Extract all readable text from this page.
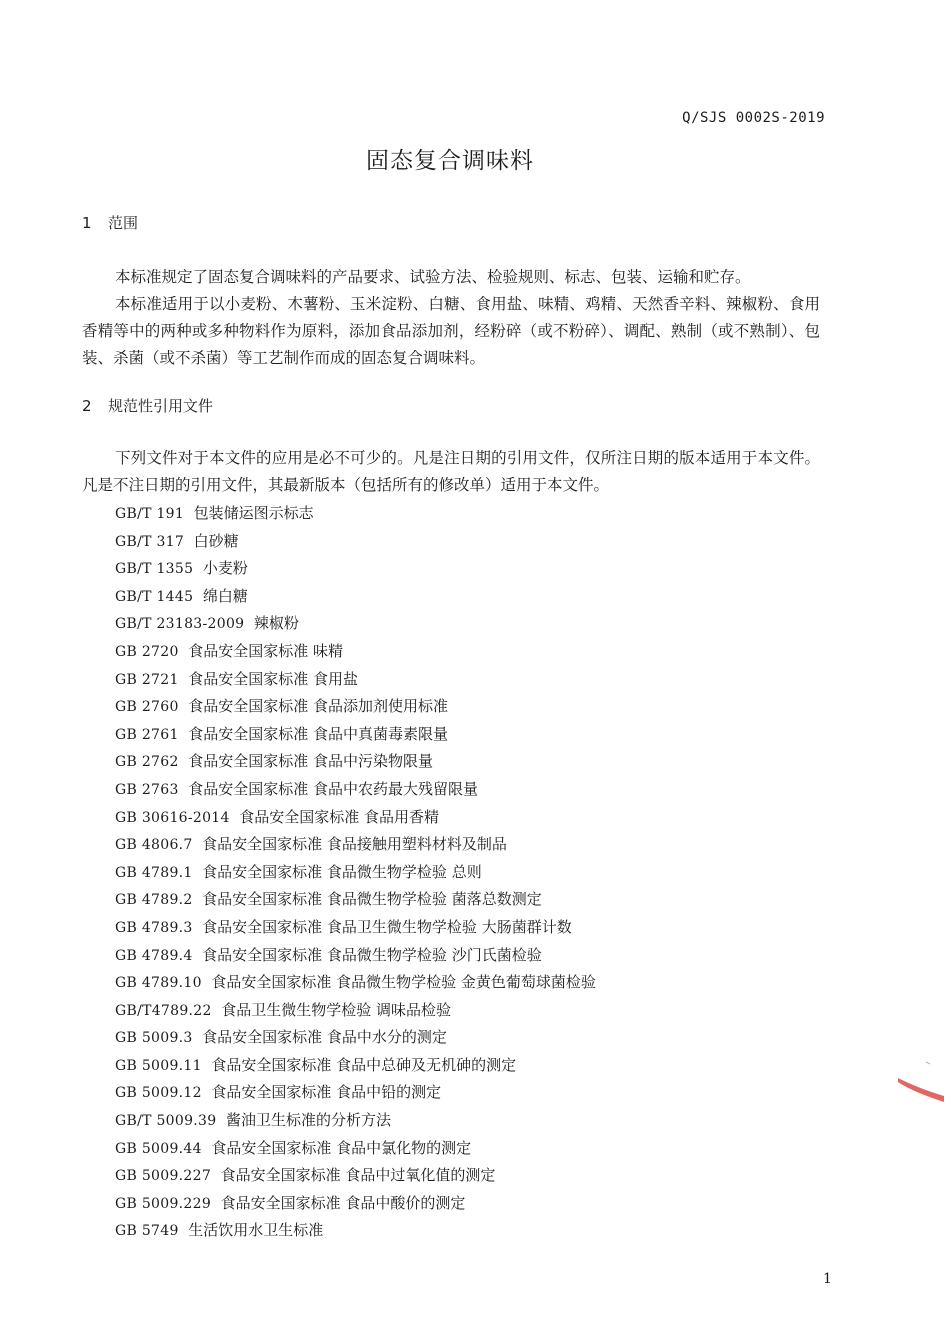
Q/SJS 0002S-2019
固态复合调味料
1 范围

本标准规定了固态复合调味料的产品要求、试验方法、检验规则、标志、包装、运输和贮存。

本标准适用于以小麦粉、木薯粉、玉米淀粉、白糖、食用盐、味精、鸡精、天然香辛料、辣椒粉、食用香精等中的两种或多种物料作为原料，添加食品添加剂，经粉碎（或不粉碎）、调配、熟制（或不熟制）、包装、杀菌（或不杀菌）等工艺制作而成的固态复合调味料。

2 规范性引用文件

下列文件对于本文件的应用是必不可少的。凡是注日期的引用文件，仅所注日期的版本适用于本文件。凡是不注日期的引用文件，其最新版本（包括所有的修改单）适用于本文件。

GB/T 191 包装储运图示标志
GB/T 317 白砂糖
GB/T 1355 小麦粉
GB/T 1445 绵白糖
GB/T 23183-2009 辣椒粉
GB 2720 食品安全国家标准 味精
GB 2721 食品安全国家标准 食用盐
GB 2760 食品安全国家标准 食品添加剂使用标准
GB 2761 食品安全国家标准 食品中真菌毒素限量
GB 2762 食品安全国家标准 食品中污染物限量
GB 2763 食品安全国家标准 食品中农药最大残留限量
GB 30616-2014 食品安全国家标准 食品用香精
GB 4806.7 食品安全国家标准 食品接触用塑料材料及制品
GB 4789.1 食品安全国家标准 食品微生物学检验 总则
GB 4789.2 食品安全国家标准 食品微生物学检验 菌落总数测定
GB 4789.3 食品安全国家标准 食品卫生微生物学检验 大肠菌群计数
GB 4789.4 食品安全国家标准 食品微生物学检验 沙门氏菌检验
GB 4789.10 食品安全国家标准 食品微生物学检验 金黄色葡萄球菌检验
GB/T4789.22 食品卫生微生物学检验 调味品检验
GB 5009.3 食品安全国家标准 食品中水分的测定
GB 5009.11 食品安全国家标准 食品中总砷及无机砷的测定
GB 5009.12 食品安全国家标准 食品中铅的测定
GB/T 5009.39 酱油卫生标准的分析方法
GB 5009.44 食品安全国家标准 食品中氯化物的测定
GB 5009.227 食品安全国家标准 食品中过氧化值的测定
GB 5009.229 食品安全国家标准 食品中酸价的测定
GB 5749 生活饮用水卫生标准
1
